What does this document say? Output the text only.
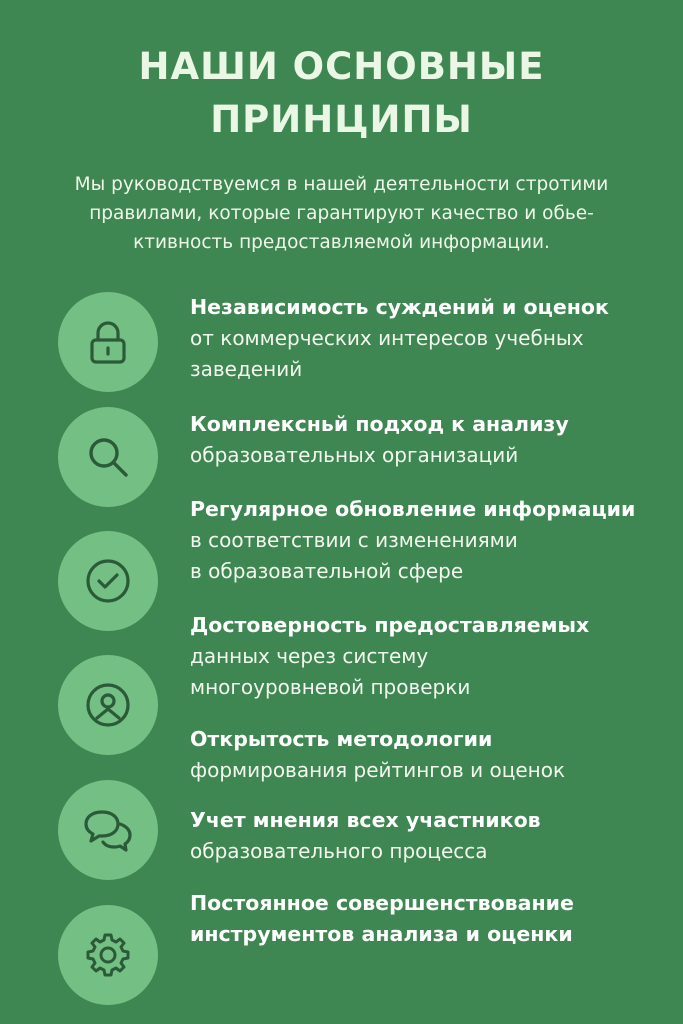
НАШИ ОСНОВНЫЕ
ПРИНЦИПЫ
Мы руководствуемся в нашей деятельности стротими
правилами, которые гарантируют качество и обье-
ктивность предоставляемой информации.
Независимость суждений и оценок
от коммерческих интересов учебных
заведений
Комплексньй подход к анализу
образовательных организаций
Регулярное обновление информации
в соответствии с изменениями
в образовательной сфере
Достоверность предоставляемых
данных через систему
многоуровневой проверки
Открытость методологии
формирования рейтингов и оценок
Учет мнения всех участников
образовательного процесса
Постоянное совершенствование
инструментов анализа и оценки
